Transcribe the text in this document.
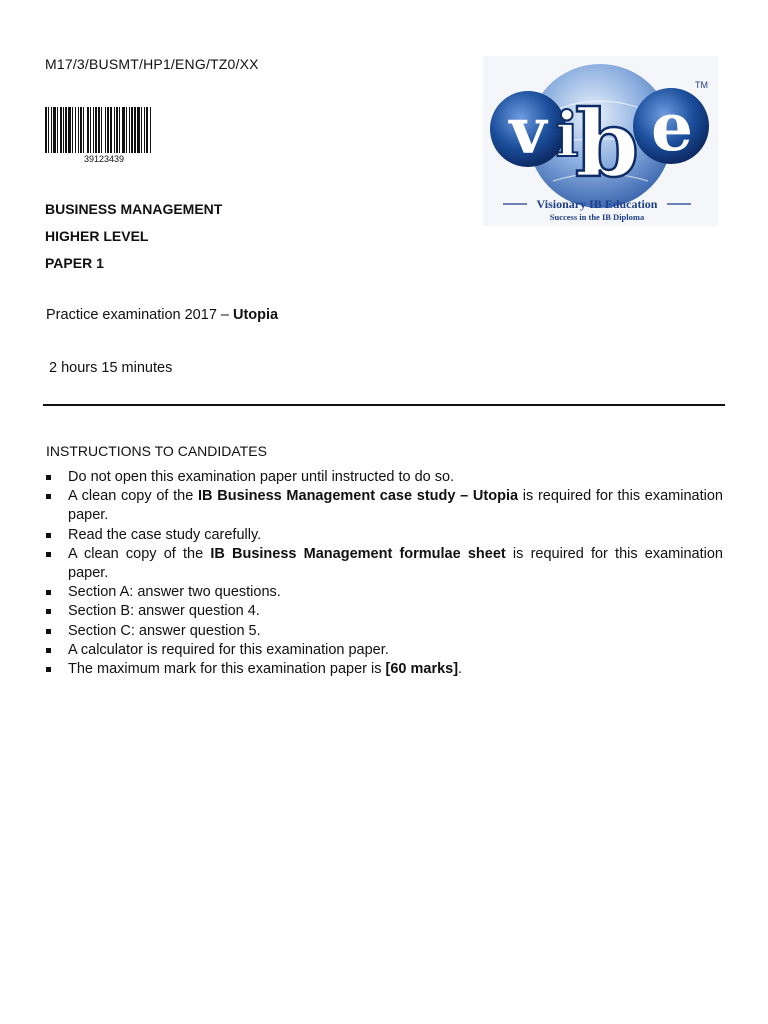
M17/3/BUSMT/HP1/ENG/TZ0/XX
39123439
BUSINESS MANAGEMENT
HIGHER LEVEL
PAPER 1
Practice examination 2017 – Utopia
2 hours 15 minutes
INSTRUCTIONS TO CANDIDATES
Do not open this examination paper until instructed to do so.
A clean copy of the IB Business Management case study – Utopia is required for this examination paper.
Read the case study carefully.
A clean copy of the IB Business Management formulae sheet is required for this examination paper.
Section A: answer two questions.
Section B: answer question 4.
Section C: answer question 5.
A calculator is required for this examination paper.
The maximum mark for this examination paper is [60 marks].
v i
b e
TM
Visionary IB Education
Success in the IB Diploma
